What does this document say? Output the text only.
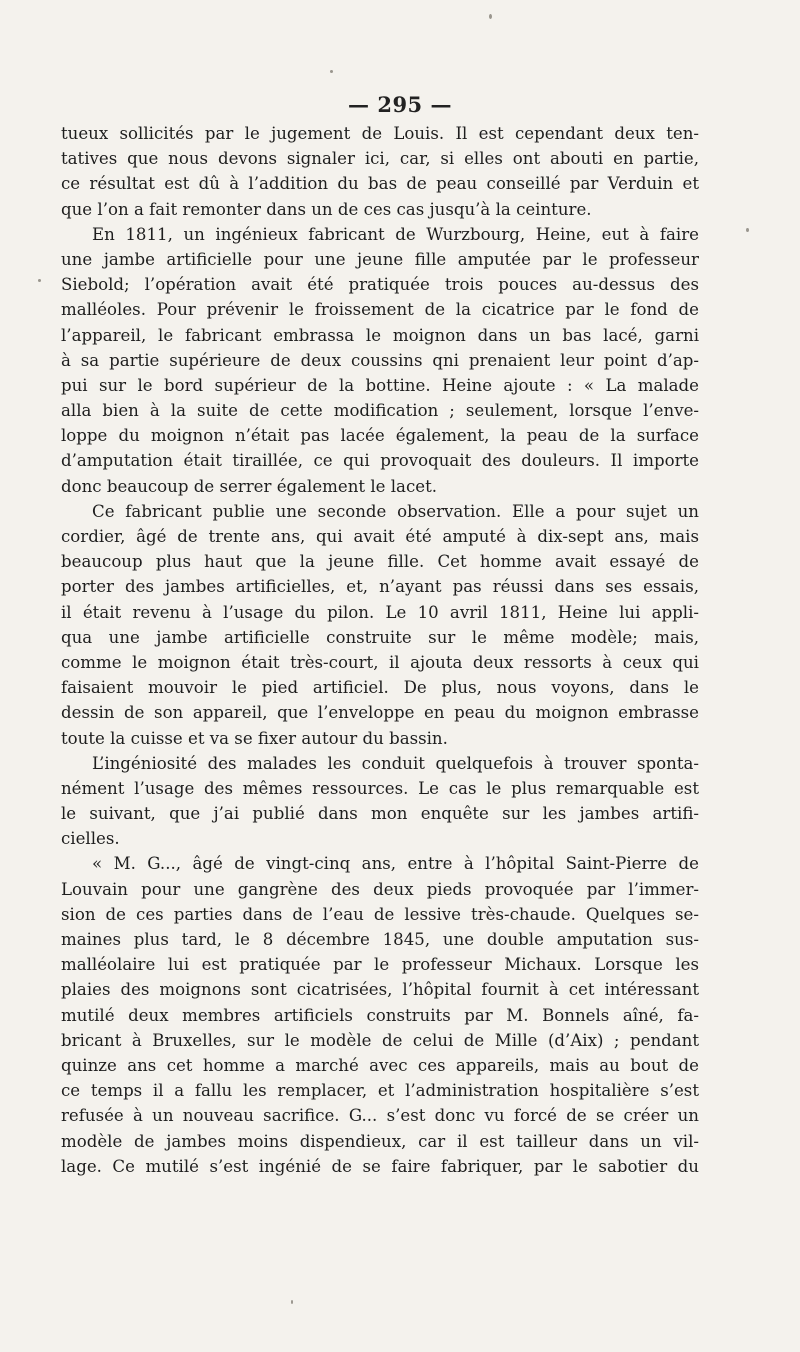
— 295 —
tueux sollicités par le jugement de Louis. Il est cependant deux ten-
tatives que nous devons signaler ici, car, si elles ont abouti en partie,
ce résultat est dû à l’addition du bas de peau conseillé par Verduin et
que l’on a fait remonter dans un de ces cas jusqu’à la ceinture.
En 1811, un ingénieux fabricant de Wurzbourg, Heine, eut à faire
une jambe artificielle pour une jeune fille amputée par le professeur
Siebold; l’opération avait été pratiquée trois pouces au-dessus des
malléoles. Pour prévenir le froissement de la cicatrice par le fond de
l’appareil, le fabricant embrassa le moignon dans un bas lacé, garni
à sa partie supérieure de deux coussins qni prenaient leur point d’ap-
pui sur le bord supérieur de la bottine. Heine ajoute : « La malade
alla bien à la suite de cette modification ; seulement, lorsque l’enve-
loppe du moignon n’était pas lacée également, la peau de la surface
d’amputation était tiraillée, ce qui provoquait des douleurs. Il importe
donc beaucoup de serrer également le lacet.
Ce fabricant publie une seconde observation. Elle a pour sujet un
cordier, âgé de trente ans, qui avait été amputé à dix-sept ans, mais
beaucoup plus haut que la jeune fille. Cet homme avait essayé de
porter des jambes artificielles, et, n’ayant pas réussi dans ses essais,
il était revenu à l’usage du pilon. Le 10 avril 1811, Heine lui appli-
qua une jambe artificielle construite sur le même modèle; mais,
comme le moignon était très-court, il ajouta deux ressorts à ceux qui
faisaient mouvoir le pied artificiel. De plus, nous voyons, dans le
dessin de son appareil, que l’enveloppe en peau du moignon embrasse
toute la cuisse et va se fixer autour du bassin.
L’ingéniosité des malades les conduit quelquefois à trouver sponta-
nément l’usage des mêmes ressources. Le cas le plus remarquable est
le suivant, que j’ai publié dans mon enquête sur les jambes artifi-
cielles.
« M. G..., âgé de vingt-cinq ans, entre à l’hôpital Saint-Pierre de
Louvain pour une gangrène des deux pieds provoquée par l’immer-
sion de ces parties dans de l’eau de lessive très-chaude. Quelques se-
maines plus tard, le 8 décembre 1845, une double amputation sus-
malléolaire lui est pratiquée par le professeur Michaux. Lorsque les
plaies des moignons sont cicatrisées, l’hôpital fournit à cet intéressant
mutilé deux membres artificiels construits par M. Bonnels aîné, fa-
bricant à Bruxelles, sur le modèle de celui de Mille (d’Aix) ; pendant
quinze ans cet homme a marché avec ces appareils, mais au bout de
ce temps il a fallu les remplacer, et l’administration hospitalière s’est
refusée à un nouveau sacrifice. G... s’est donc vu forcé de se créer un
modèle de jambes moins dispendieux, car il est tailleur dans un vil-
lage. Ce mutilé s’est ingénié de se faire fabriquer, par le sabotier du
